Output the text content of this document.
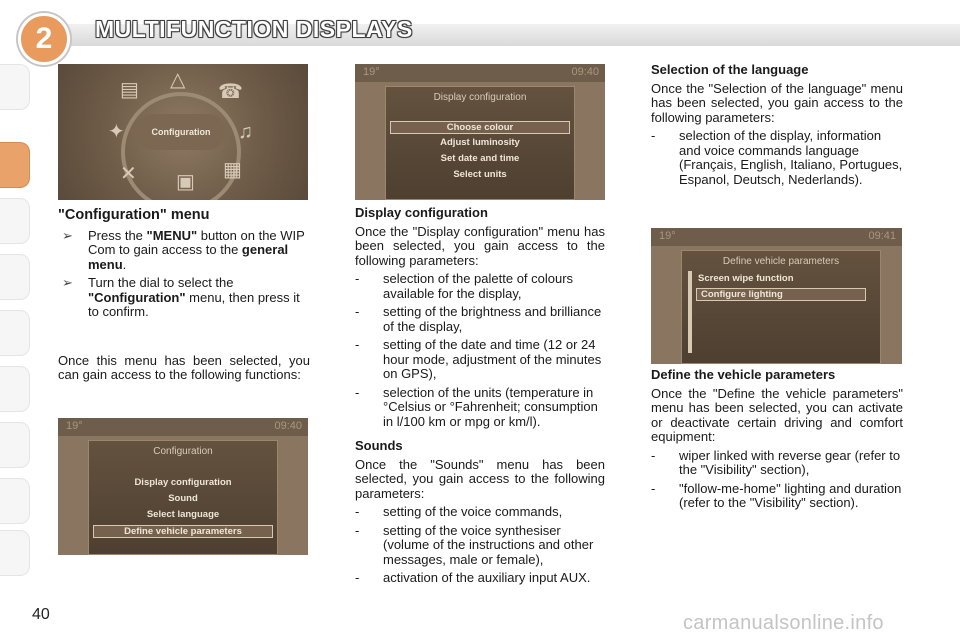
2	MULTIFUNCTION DISPLAYS
Configuration
▤ △
☎
✦	♫
✕ ▣
▦
"Configuration" menu
➢	Press the "MENU" button on the WIP Com to gain access to the general menu.
➢	Turn the dial to select the "Configuration" menu, then press it to confirm.

Once this menu has been selected, you can gain access to the following functions:

19°	09:40
Configuration
Display configuration
Sound
Select language
Define vehicle parameters
19°	09:40
Display configuration
Choose colour
Adjust luminosity
Set date and time
Select units
Display configuration

Once the "Display configuration" menu has been selected, you gain access to the following parameters:

-	selection of the palette of colours available for the display,
-	setting of the brightness and brilliance of the display,
-	setting of the date and time (12 or 24 hour mode, adjustment of the minutes on GPS),
-	selection of the units (temperature in °Celsius or °Fahrenheit; consumption in l/100 km or mpg or km/l).
Sounds

Once the "Sounds" menu has been selected, you gain access to the following parameters:

-	setting of the voice commands,
-	setting of the voice synthesiser (volume of the instructions and other messages, male or female),
-	activation of the auxiliary input AUX.
Selection of the language

Once the "Selection of the language" menu has been selected, you gain access to the following parameters:

-	selection of the display, information and voice commands language (Français, English, Italiano, Portugues, Espanol, Deutsch, Nederlands).
19°	09:41
Define vehicle parameters
Screen wipe function
Configure lighting
Define the vehicle parameters

Once the "Define the vehicle parameters" menu has been selected, you can activate or deactivate certain driving and comfort equipment:

-	wiper linked with reverse gear (refer to the "Visibility" section),
-	"follow-me-home" lighting and duration (refer to the "Visibility" section).
40	carmanualsonline.info
